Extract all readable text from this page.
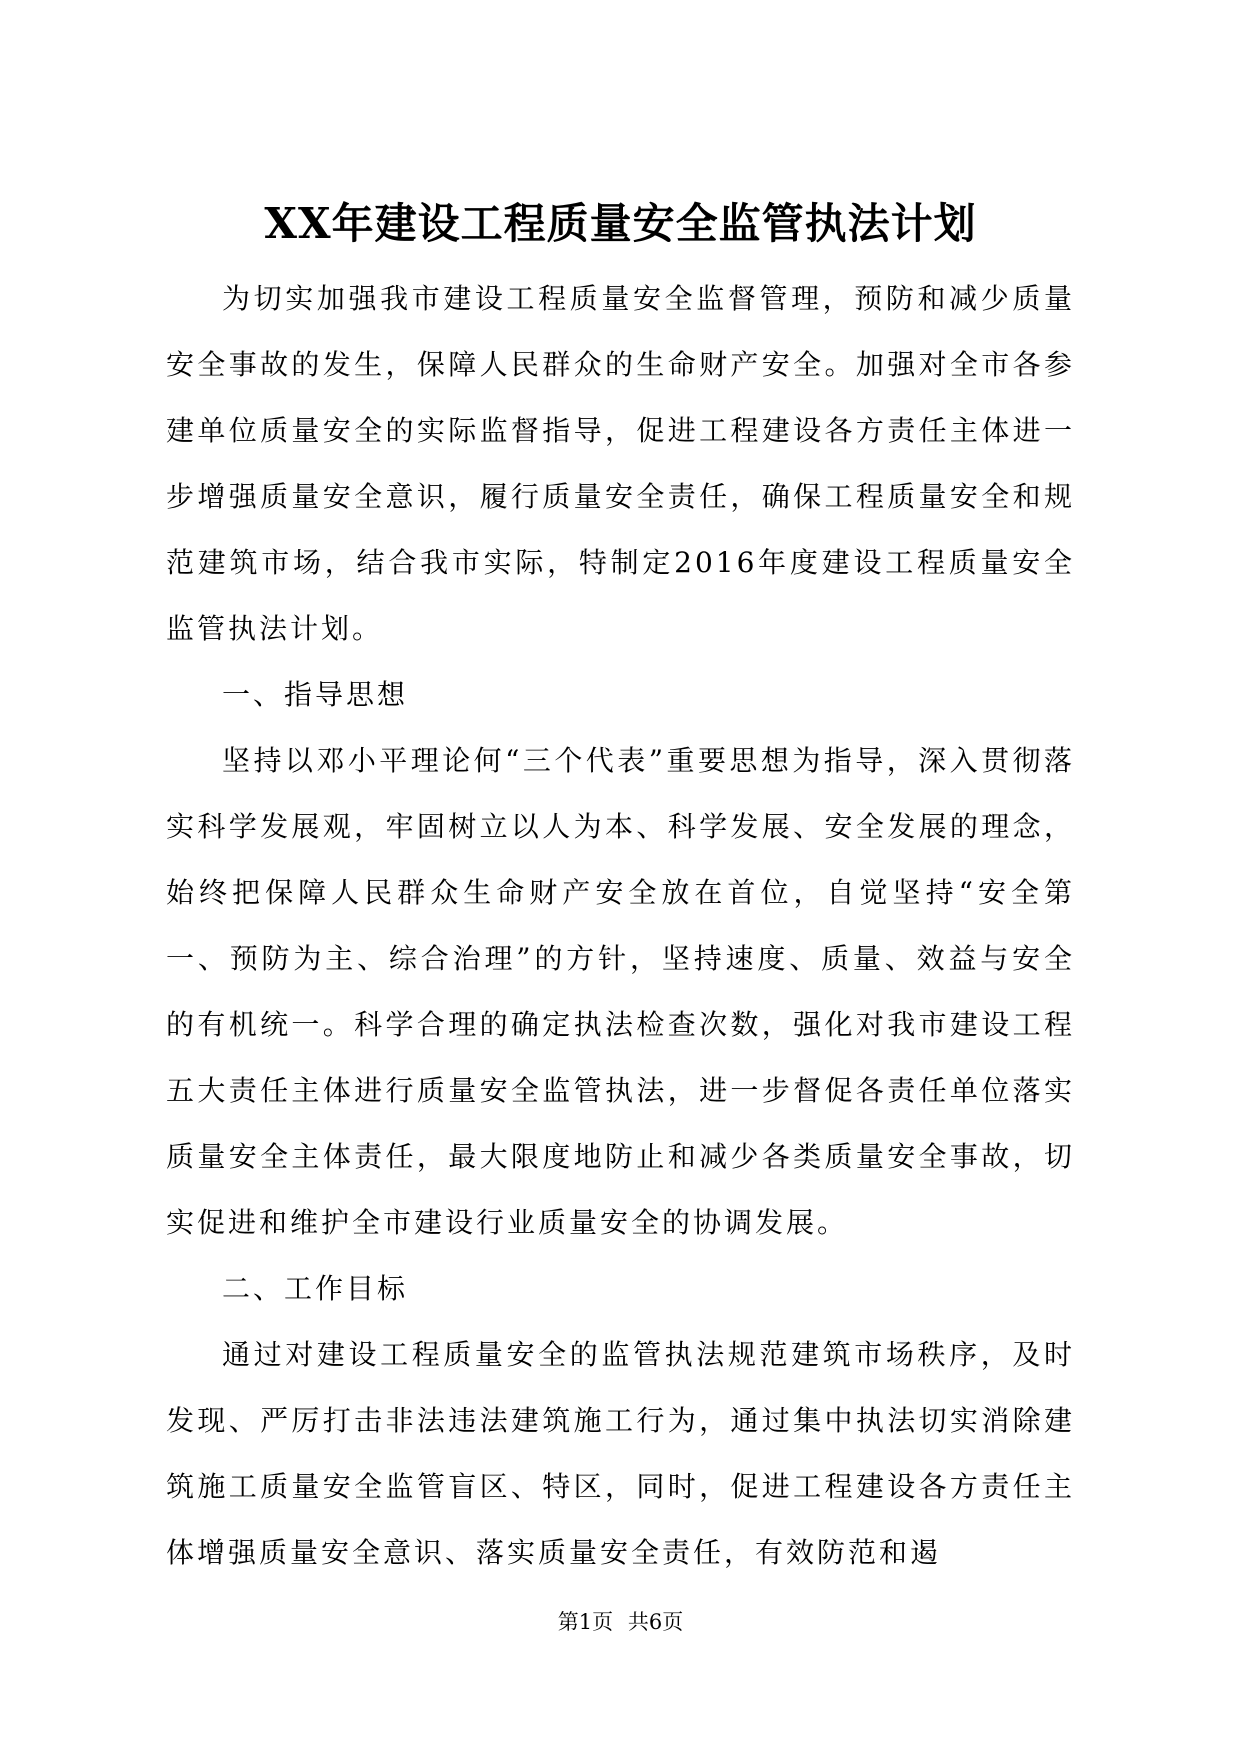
XX年建设工程质量安全监管执法计划

为切实加强我市建设工程质量安全监督管理，预防和减少质量安全事故的发生，保障人民群众的生命财产安全。加强对全市各参建单位质量安全的实际监督指导，促进工程建设各方责任主体进一步增强质量安全意识，履行质量安全责任，确保工程质量安全和规范建筑市场，结合我市实际，特制定2016年度建设工程质量安全监管执法计划。

一、指导思想

坚持以邓小平理论何“三个代表”重要思想为指导，深入贯彻落实科学发展观，牢固树立以人为本、科学发展、安全发展的理念，始终把保障人民群众生命财产安全放在首位，自觉坚持“安全第一、预防为主、综合治理”的方针，坚持速度、质量、效益与安全的有机统一。科学合理的确定执法检查次数，强化对我市建设工程五大责任主体进行质量安全监管执法，进一步督促各责任单位落实质量安全主体责任，最大限度地防止和减少各类质量安全事故，切实促进和维护全市建设行业质量安全的协调发展。

二、工作目标

通过对建设工程质量安全的监管执法规范建筑市场秩序，及时发现、严厉打击非法违法建筑施工行为，通过集中执法切实消除建筑施工质量安全监管盲区、特区，同时，促进工程建设各方责任主体增强质量安全意识、落实质量安全责任，有效防范和遏

第1页 共6页
